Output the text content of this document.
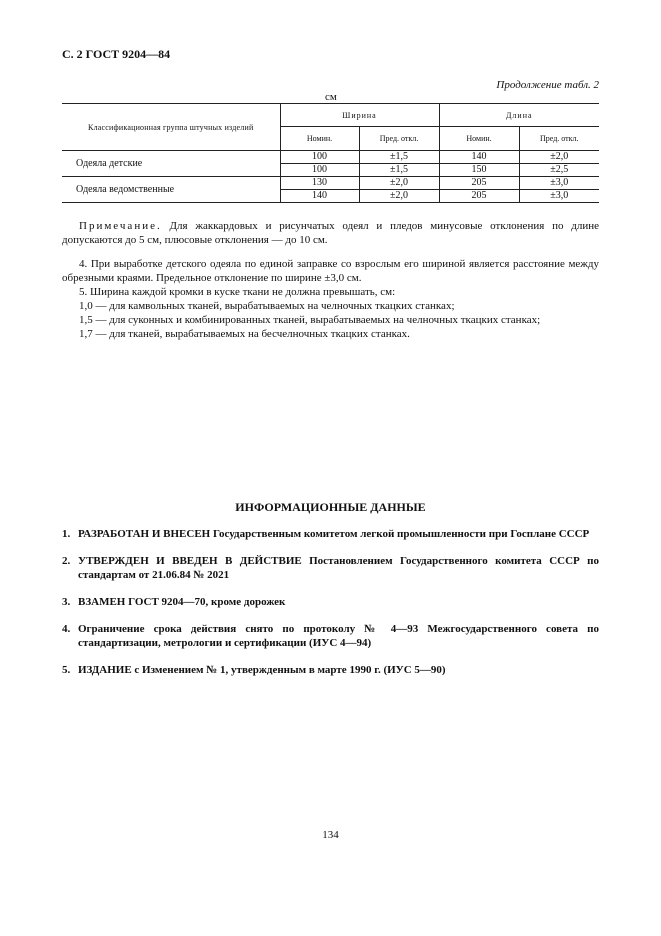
С. 2 ГОСТ 9204—84
Продолжение табл. 2
см
Классификационная группа штучных изделий	Ширина		Длина	
	Номин.	Пред. откл.	Номин.	Пред. откл.
Одеяла детские	100	±1,5	140	±2,0
	100	±1,5	150	±2,5
Одеяла ведомственные	130	±2,0	205	±3,0
	140	±2,0	205	±3,0

Примечание. Для жаккардовых и рисунчатых одеял и пледов минусовые отклонения по длине допускаются до 5 см, плюсовые отклонения — до 10 см.

4. При выработке детского одеяла по единой заправке со взрослым его шириной является расстояние между обрезными краями. Предельное отклонение по ширине ±3,0 см.

5. Ширина каждой кромки в куске ткани не должна превышать, см:

1,0 — для камвольных тканей, вырабатываемых на челночных ткацких станках;

1,5 — для суконных и комбинированных тканей, вырабатываемых на челночных ткацких станках;

1,7 — для тканей, вырабатываемых на бесчелночных ткацких станках.

ИНФОРМАЦИОННЫЕ ДАННЫЕ
1. РАЗРАБОТАН И ВНЕСЕН Государственным комитетом легкой промышленности при Госплане СССР
2. УТВЕРЖДЕН И ВВЕДЕН В ДЕЙСТВИЕ Постановлением Государственного комитета СССР по стандартам от 21.06.84 № 2021
3. ВЗАМЕН ГОСТ 9204—70, кроме дорожек
4. Ограничение срока действия снято по протоколу № 4—93 Межгосударственного совета по стандартизации, метрологии и сертификации (ИУС 4—94)
5. ИЗДАНИЕ с Изменением № 1, утвержденным в марте 1990 г. (ИУС 5—90)
134
